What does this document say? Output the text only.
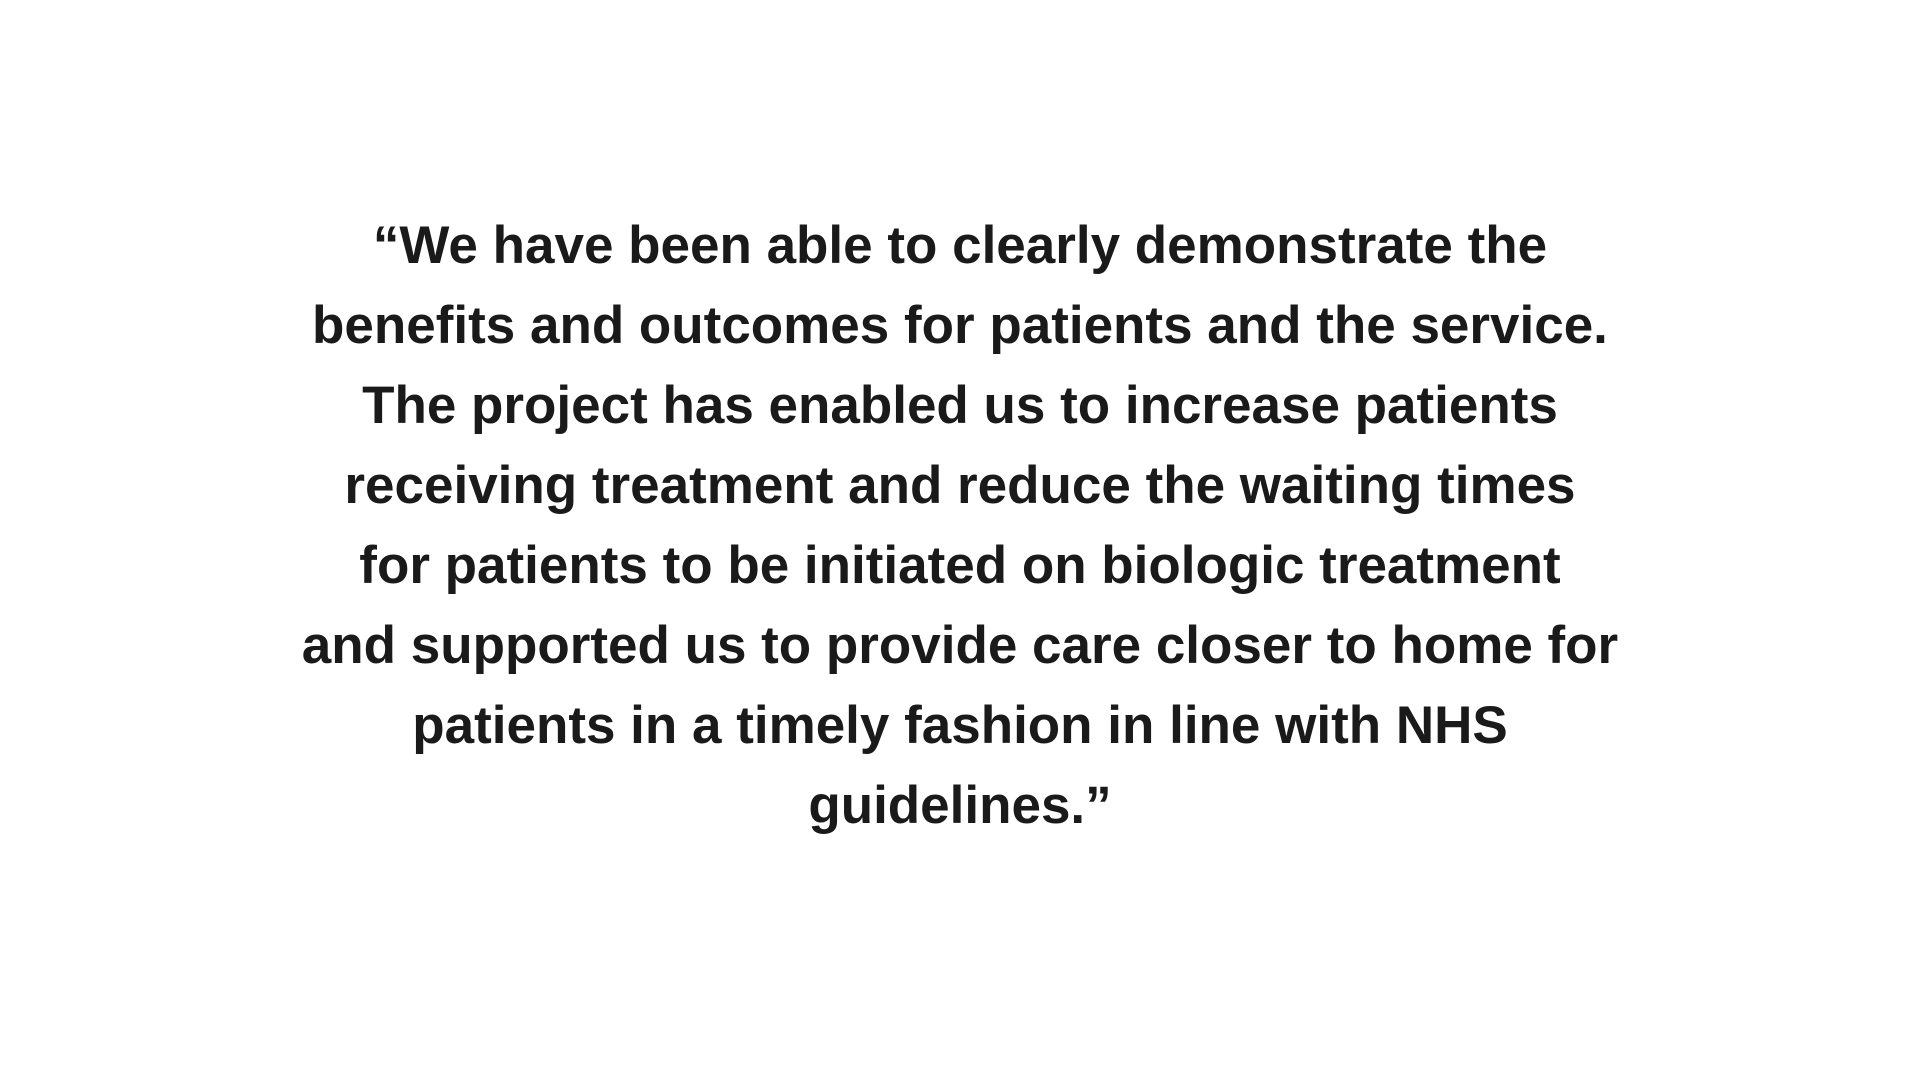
“We have been able to clearly demonstrate the
benefits and outcomes for patients and the service.
The project has enabled us to increase patients
receiving treatment and reduce the waiting times
for patients to be initiated on biologic treatment
and supported us to provide care closer to home for
patients in a timely fashion in line with NHS
guidelines.”
